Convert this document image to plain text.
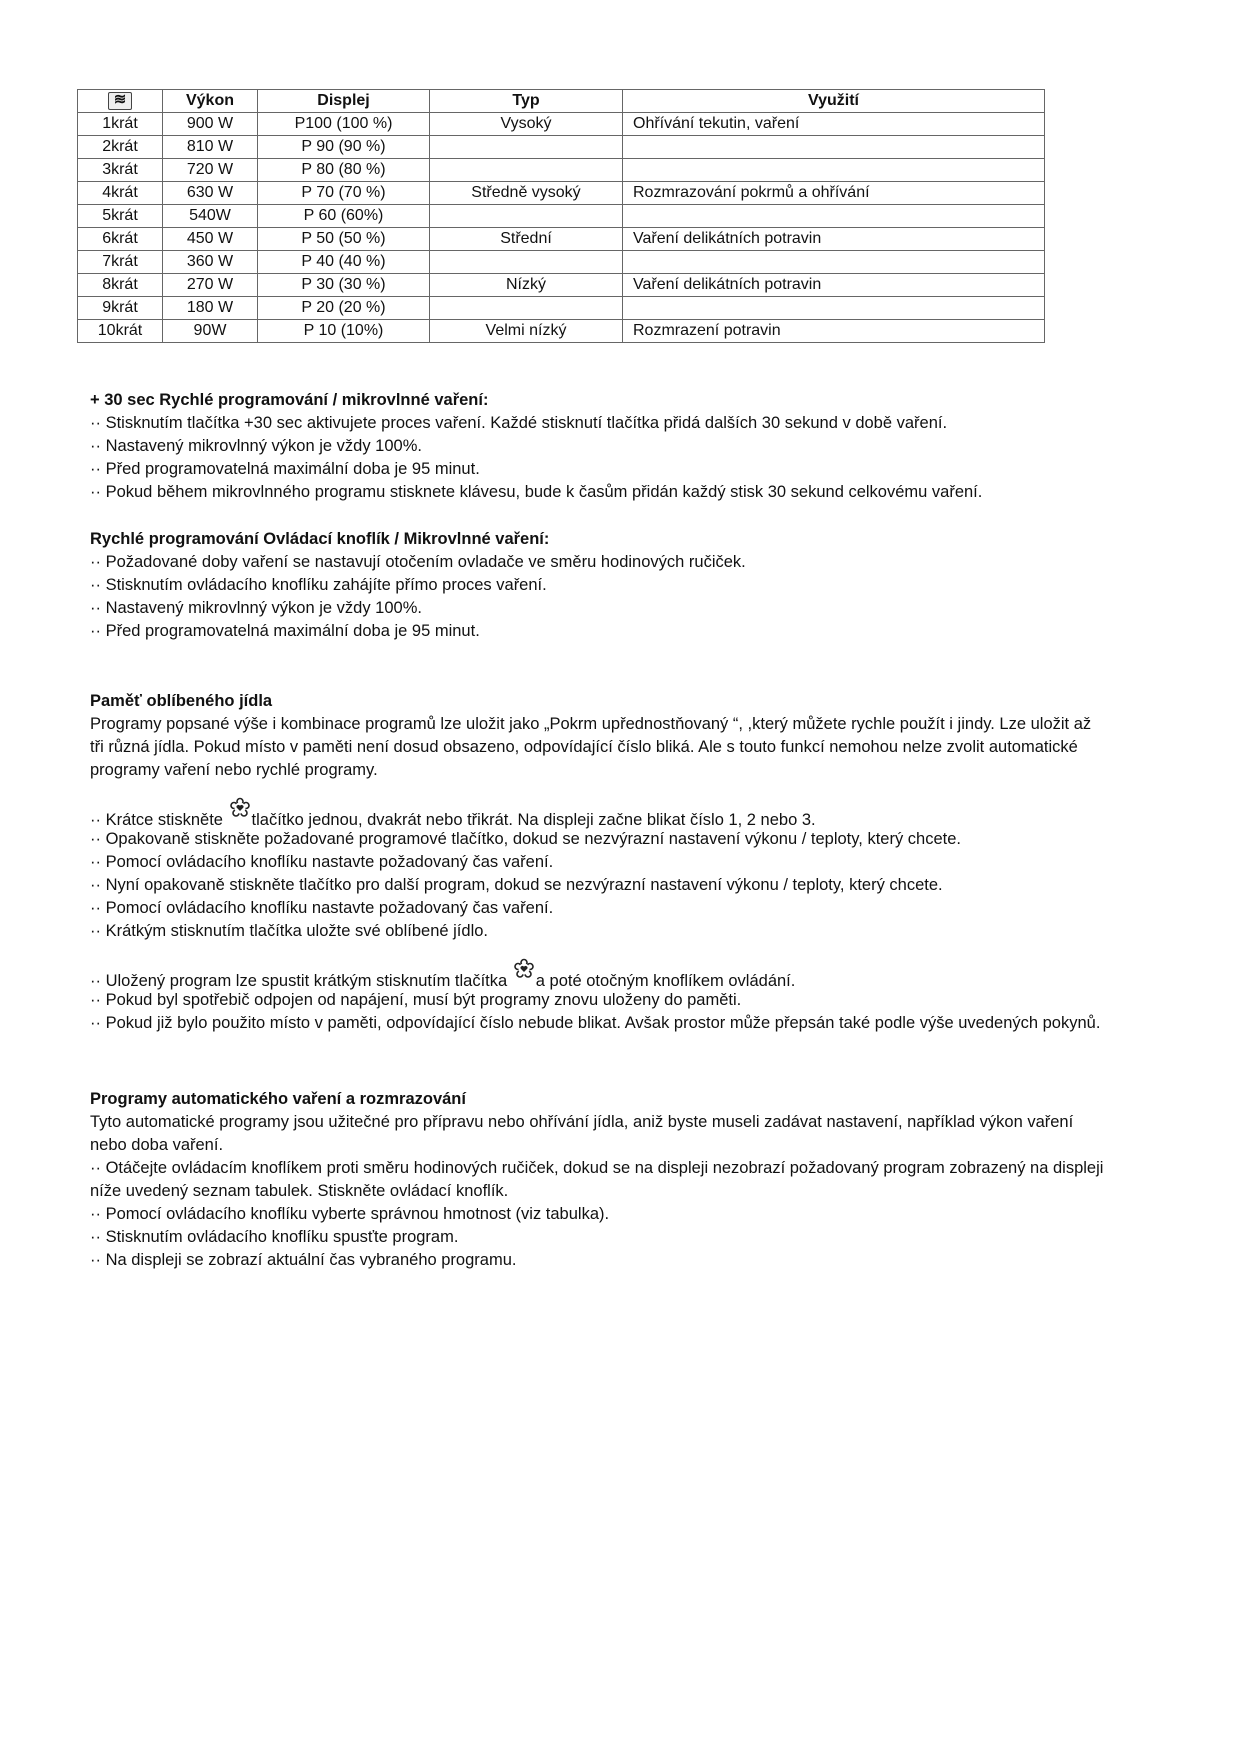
≋	Výkon	Displej	Typ	Využití
1krát	900 W	P100 (100 %)	Vysoký	Ohřívání tekutin, vaření
2krát	810 W	P 90 (90 %)		
3krát	720 W	P 80 (80 %)		
4krát	630 W	P 70 (70 %)	Středně vysoký	Rozmrazování pokrmů a ohřívání
5krát	540W	P 60 (60%)		
6krát	450 W	P 50 (50 %)	Střední	Vaření delikátních potravin
7krát	360 W	P 40 (40 %)		
8krát	270 W	P 30 (30 %)	Nízký	Vaření delikátních potravin
9krát	180 W	P 20 (20 %)		
10krát	90W	P 10 (10%)	Velmi nízký	Rozmrazení potravin
+ 30 sec Rychlé programování / mikrovlnné vaření:
·· Stisknutím tlačítka +30 sec aktivujete proces vaření. Každé stisknutí tlačítka přidá dalších 30 sekund v době vaření.
·· Nastavený mikrovlnný výkon je vždy 100%.
·· Před programovatelná maximální doba je 95 minut.
·· Pokud během mikrovlnného programu stisknete klávesu, bude k časům přidán každý stisk 30 sekund celkovému vaření.
Rychlé programování Ovládací knoflík / Mikrovlnné vaření:
·· Požadované doby vaření se nastavují otočením ovladače ve směru hodinových ručiček.
·· Stisknutím ovládacího knoflíku zahájíte přímo proces vaření.
·· Nastavený mikrovlnný výkon je vždy 100%.
·· Před programovatelná maximální doba je 95 minut.
Paměť oblíbeného jídla
Programy popsané výše i kombinace programů lze uložit jako „Pokrm upřednostňovaný “, ,který můžete rychle použít i jindy. Lze uložit až
tři různá jídla. Pokud místo v paměti není dosud obsazeno, odpovídající číslo bliká. Ale s touto funkcí nemohou nelze zvolit automatické
programy vaření nebo rychlé programy.
·· Krátce stiskněte tlačítko jednou, dvakrát nebo třikrát. Na displeji začne blikat číslo 1, 2 nebo 3.
·· Opakovaně stiskněte požadované programové tlačítko, dokud se nezvýrazní nastavení výkonu / teploty, který chcete.
·· Pomocí ovládacího knoflíku nastavte požadovaný čas vaření.
·· Nyní opakovaně stiskněte tlačítko pro další program, dokud se nezvýrazní nastavení výkonu / teploty, který chcete.
·· Pomocí ovládacího knoflíku nastavte požadovaný čas vaření.
·· Krátkým stisknutím tlačítka uložte své oblíbené jídlo.
·· Uložený program lze spustit krátkým stisknutím tlačítka a poté otočným knoflíkem ovládání.
·· Pokud byl spotřebič odpojen od napájení, musí být programy znovu uloženy do paměti.
·· Pokud již bylo použito místo v paměti, odpovídající číslo nebude blikat. Avšak prostor může přepsán také podle výše uvedených pokynů.
Programy automatického vaření a rozmrazování
Tyto automatické programy jsou užitečné pro přípravu nebo ohřívání jídla, aniž byste museli zadávat nastavení, například výkon vaření
nebo doba vaření.
·· Otáčejte ovládacím knoflíkem proti směru hodinových ručiček, dokud se na displeji nezobrazí požadovaný program zobrazený na displeji
níže uvedený seznam tabulek. Stiskněte ovládací knoflík.
·· Pomocí ovládacího knoflíku vyberte správnou hmotnost (viz tabulka).
·· Stisknutím ovládacího knoflíku spusťte program.
·· Na displeji se zobrazí aktuální čas vybraného programu.
